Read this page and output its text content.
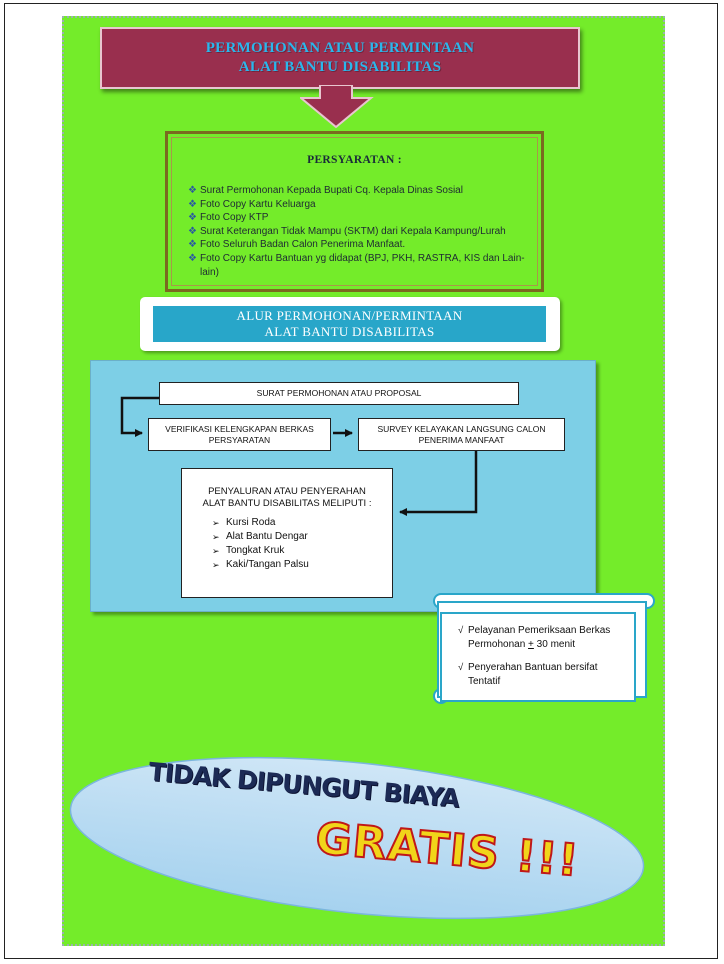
PERMOHONAN ATAU PERMINTAAN
ALAT BANTU DISABILITAS
PERSYARATAN :
❖ Surat Permohonan Kepada Bupati Cq. Kepala Dinas Sosial
❖ Foto Copy Kartu Keluarga
❖ Foto Copy KTP
❖ Surat Keterangan Tidak Mampu (SKTM) dari Kepala Kampung/Lurah
❖ Foto Seluruh Badan Calon Penerima Manfaat.
❖ Foto Copy Kartu Bantuan yg didapat (BPJ, PKH, RASTRA, KIS dan Lain-lain)
ALUR PERMOHONAN/PERMINTAAN
ALAT BANTU DISABILITAS
SURAT PERMOHONAN ATAU PROPOSAL
VERIFIKASI KELENGKAPAN BERKAS
PERSYARATAN
SURVEY KELAYAKAN LANGSUNG CALON
PENERIMA MANFAAT
PENYALURAN ATAU PENYERAHAN
ALAT BANTU DISABILITAS MELIPUTI :
➢ Kursi Roda
➢ Alat Bantu Dengar
➢ Tongkat Kruk
➢ Kaki/Tangan Palsu
√ Pelayanan Pemeriksaan Berkas
Permohonan + 30 menit
√ Penyerahan Bantuan bersifat
Tentatif
TIDAK DIPUNGUT BIAYA
GRATIS !!!
